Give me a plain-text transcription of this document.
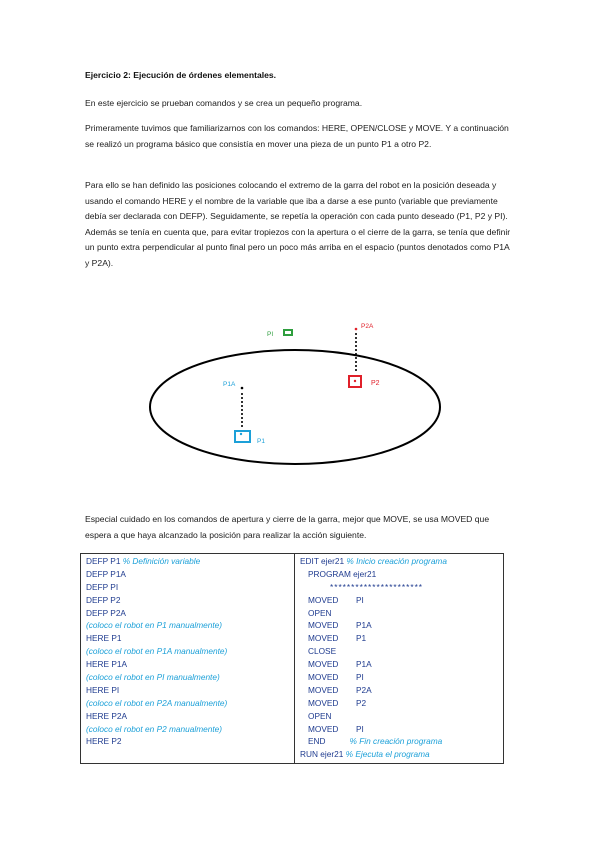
Ejercicio 2: Ejecución de órdenes elementales.

En este ejercicio se prueban comandos y se crea un pequeño programa.

Primeramente tuvimos que familiarizarnos con los comandos: HERE, OPEN/CLOSE y MOVE. Y a continuación se realizó un programa básico que consistía en mover una pieza de un punto P1 a otro P2.

Para ello se han definido las posiciones colocando el extremo de la garra del robot en la posición deseada y usando el comando HERE y el nombre de la variable que iba a darse a ese punto (variable que previamente debía ser declarada con DEFP). Seguidamente, se repetía la operación con cada punto deseado (P1, P2 y PI). Además se tenía en cuenta que, para evitar tropiezos con la apertura o el cierre de la garra, se tenía que definir un punto extra perpendicular al punto final pero un poco más arriba en el espacio (puntos denotados como P1A y P2A).

PI
P2A
P2
P1A
P1

Especial cuidado en los comandos de apertura y cierre de la garra, mejor que MOVE, se usa MOVED que espera a que haya alcanzado la posición para realizar la acción siguiente.

DEFP P1 % Definición variable
DEFP P1A
DEFP PI
DEFP P2
DEFP P2A
(coloco el robot en P1 manualmente)
HERE P1
(coloco el robot en P1A manualmente)
HERE P1A
(coloco el robot en PI manualmente)
HERE PI
(coloco el robot en P2A manualmente)
HERE P2A
(coloco el robot en P2 manualmente)
HERE P2

EDIT ejer21 % Inicio creación programa
PROGRAM ejer21
**********************
MOVED PI
OPEN
MOVED P1A
MOVED P1
CLOSE
MOVED P1A
MOVED PI
MOVED P2A
MOVED P2
OPEN
MOVED PI
END	% Fin creación programa
RUN ejer21 % Ejecuta el programa
